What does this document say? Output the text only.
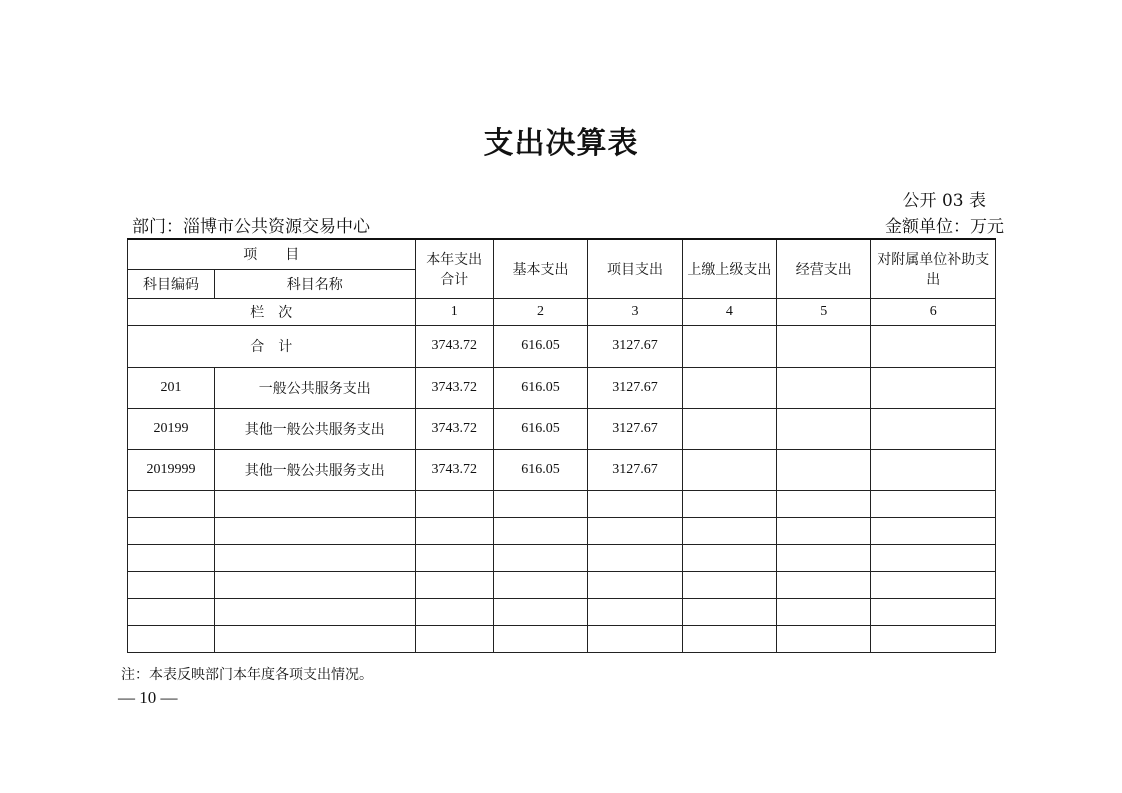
支出决算表
公开 03 表
部门：淄博市公共资源交易中心	金额单位：万元
项　　目		本年支出合计	基本支出	项目支出	上缴上级支出	经营支出	对附属单位补助支出
科目编码	科目名称						
栏　次		1	2	3	4	5	6
合　计		3743.72	616.05	3127.67			
201	一般公共服务支出	3743.72	616.05	3127.67			
20199	其他一般公共服务支出	3743.72	616.05	3127.67			
2019999	其他一般公共服务支出	3743.72	616.05	3127.67			

注：本表反映部门本年度各项支出情况。
— 10 —
